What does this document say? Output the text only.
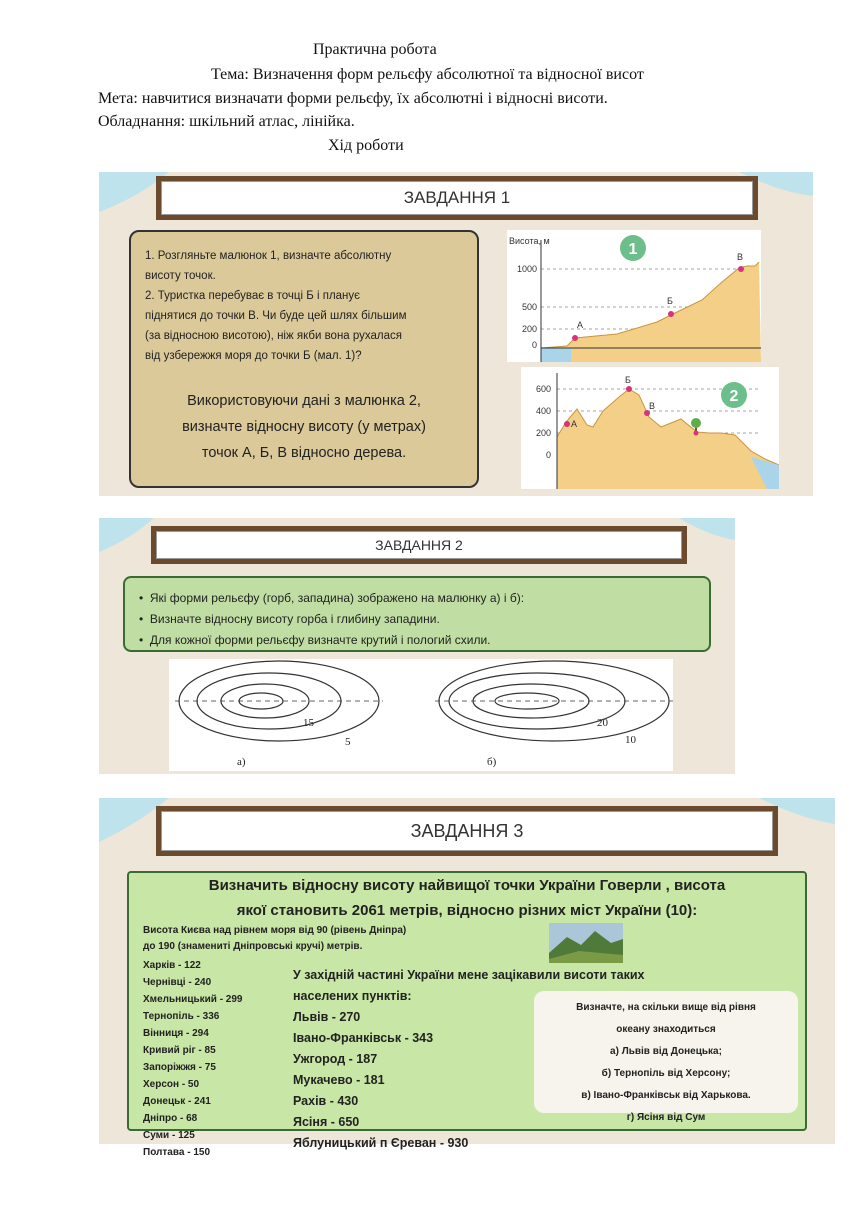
Практична робота
Тема: Визначення форм рельєфу абсолютної та відносної висот
Мета: навчитися визначати форми рельєфу, їх абсолютні і відносні висоти.
Обладнання: шкільний атлас, лінійка.
Хід роботи
ЗАВДАННЯ 1
1. Розгляньте малюнок 1, визначте абсолютну
висоту точок.
2. Туристка перебуває в точці Б і планує
піднятися до точки В. Чи буде цей шлях більшим
(за відносною висотою), ніж якби вона рухалася
від узбережжя моря до точки Б (мал. 1)?
Використовуючи дані з малюнка 2,
визначте відносну висоту (у метрах)
точок А, Б, В відносно дерева.
Висота, м
1000
500
200
0
А
Б
В
1
600
400
200
0
А
Б
В
2
ЗАВДАННЯ 2
•  Які форми рельєфу (горб, западина) зображено на малюнку а) і б):
•  Визначте відносну висоту горба і глибину западини.
•  Для кожної форми рельєфу визначте крутий і пологий схили.
15
5
20
10
а)	б)
ЗАВДАННЯ 3
Визначить відносну висоту найвищої точки України Говерли , висота
якої становить 2061 метрів, відносно різних міст України (10):
Висота Києва над рівнем моря від 90 (рівень Дніпра)
до 190 (знамениті Дніпровські кручі) метрів.
Харків - 122
Чернівці - 240
Хмельницький - 299
Тернопіль - 336
Вінниця - 294
Кривий ріг - 85
Запоріжжя - 75
Херсон - 50
Донецьк - 241
Дніпро - 68
Суми - 125
Полтава - 150
У західній частині України мене зацікавили висоти таких
населених пунктів:
Львів - 270
Івано-Франківськ - 343
Ужгород - 187
Мукачево - 181
Рахів - 430
Ясіня - 650
Яблуницький п Єреван - 930
Визначте, на скільки вище від рівня
океану знаходиться
а) Львів від Донецька;
б) Тернопіль від Херсону;
в) Івано-Франківськ від Харькова.
г) Ясіня від Сум
